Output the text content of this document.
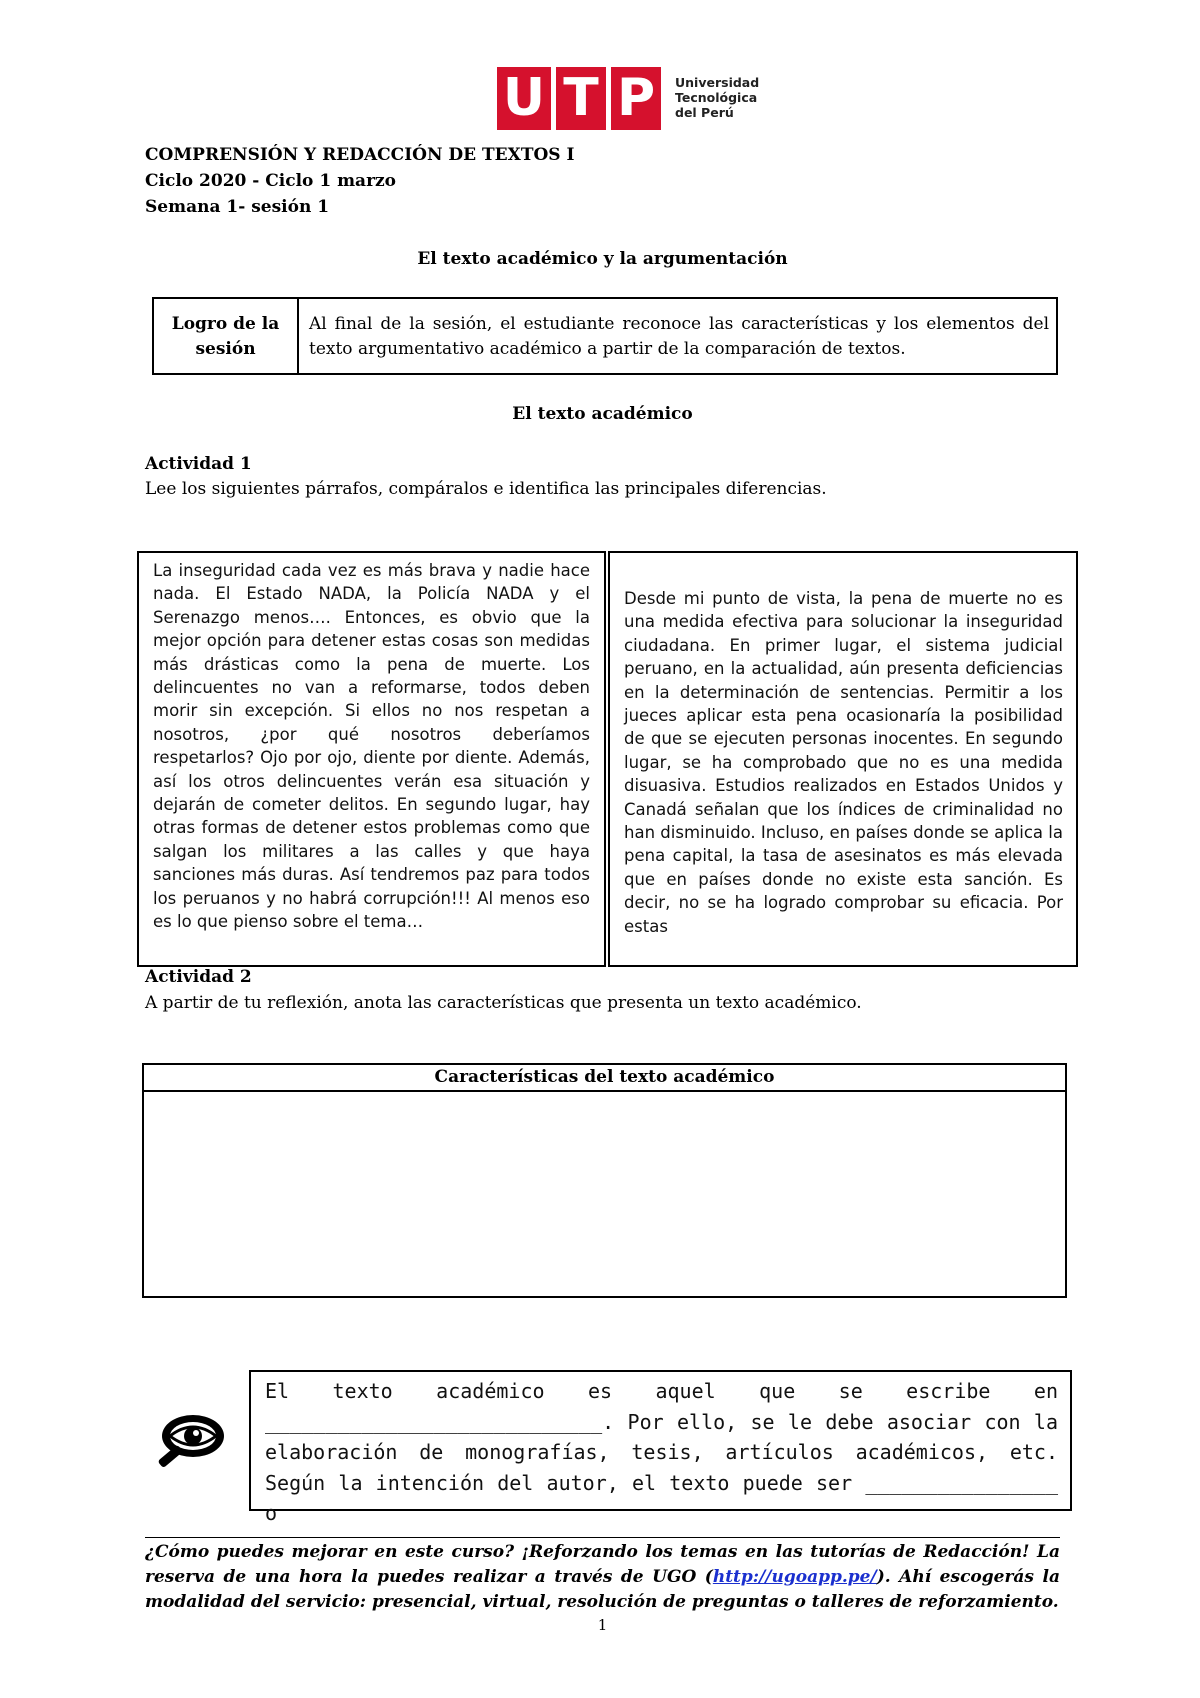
U T P	Universidad
Tecnológica
del Perú
COMPRENSIÓN Y REDACCIÓN DE TEXTOS I
Ciclo 2020 - Ciclo 1 marzo
Semana 1- sesión 1
El texto académico y la argumentación
Logro de la
sesión
Al final de la sesión, el estudiante reconoce las características y los elementos del texto argumentativo académico a partir de la comparación de textos.
El texto académico
Actividad 1
Lee los siguientes párrafos, compáralos e identifica las principales diferencias.
La inseguridad cada vez es más brava y nadie hace nada. El Estado NADA, la Policía NADA y el Serenazgo menos…. Entonces, es obvio que la mejor opción para detener estas cosas son medidas más drásticas como la pena de muerte. Los delincuentes no van a reformarse, todos deben morir sin excepción. Si ellos no nos respetan a nosotros, ¿por qué nosotros deberíamos respetarlos? Ojo por ojo, diente por diente. Además, así los otros delincuentes verán esa situación y dejarán de cometer delitos. En segundo lugar, hay otras formas de detener estos problemas como que salgan los militares a las calles y que haya sanciones más duras. Así tendremos paz para todos los peruanos y no habrá corrupción!!! Al menos eso es lo que pienso sobre el tema…
Desde mi punto de vista, la pena de muerte no es una medida efectiva para solucionar la inseguridad ciudadana. En primer lugar, el sistema judicial peruano, en la actualidad, aún presenta deficiencias en la determinación de sentencias. Permitir a los jueces aplicar esta pena ocasionaría la posibilidad de que se ejecuten personas inocentes. En segundo lugar, se ha comprobado que no es una medida disuasiva. Estudios realizados en Estados Unidos y Canadá señalan que los índices de criminalidad no han disminuido. Incluso, en países donde se aplica la pena capital, la tasa de asesinatos es más elevada que en países donde no existe esta sanción. Es decir, no se ha logrado comprobar su eficacia. Por estas
Actividad 2
A partir de tu reflexión, anota las características que presenta un texto académico.
Características del texto académico
El texto académico es aquel que se escribe en ____________________________. Por ello, se le debe asociar con la elaboración de monografías, tesis, artículos académicos, etc. Según la intención del autor, el texto puede ser ________________ o
¿Cómo puedes mejorar en este curso? ¡Reforzando los temas en las tutorías de Redacción! La reserva de una hora la puedes realizar a través de UGO (http://ugoapp.pe/). Ahí escogerás la modalidad del servicio: presencial, virtual, resolución de preguntas o talleres de reforzamiento.
1
